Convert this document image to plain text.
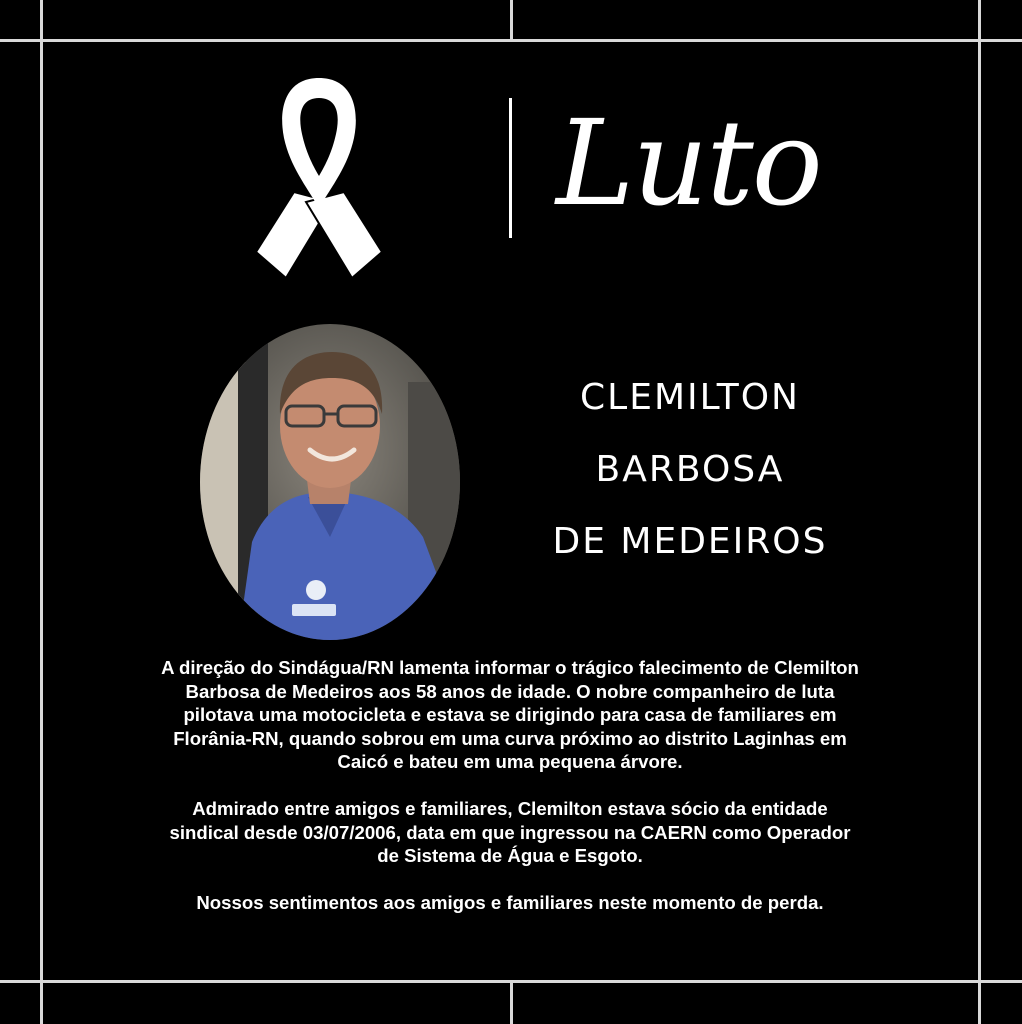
Luto
CLEMILTON
BARBOSA
DE MEDEIROS

A direção do Sindágua/RN lamenta informar o trágico falecimento de Clemilton Barbosa de Medeiros aos 58 anos de idade. O nobre companheiro de luta pilotava uma motocicleta e estava se dirigindo para casa de familiares em Florânia-RN, quando sobrou em uma curva próximo ao distrito Laginhas em Caicó e bateu em uma pequena árvore.

Admirado entre amigos e familiares, Clemilton estava sócio da entidade sindical desde 03/07/2006, data em que ingressou na CAERN como Operador de Sistema de Água e Esgoto.

Nossos sentimentos aos amigos e familiares neste momento de perda.
